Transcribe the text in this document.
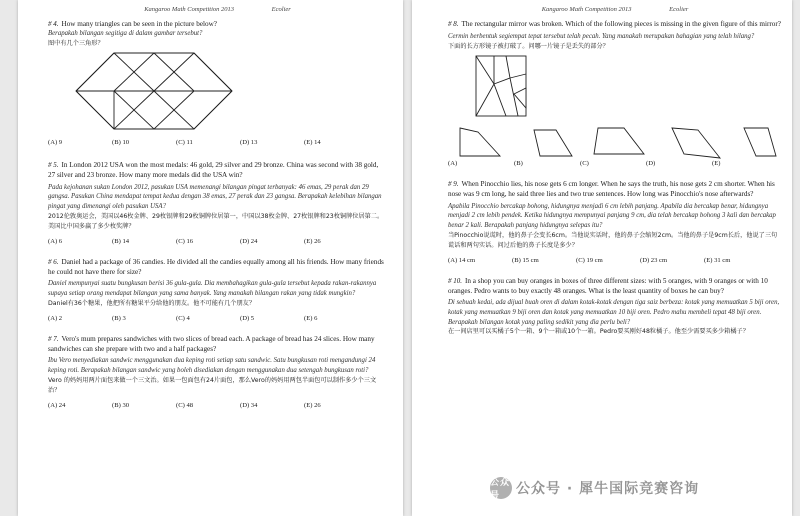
Kangaroo Math Competition 2013	Ecolier
# 4. How many triangles can be seen in the picture below?
Berapakah bilangan segitiga di dalam gambar tersebut?
图中有几个三角形？
(A) 9	(B) 10	(C) 11	(D) 13	(E) 14
# 5. In London 2012 USA won the most medals: 46 gold, 29 silver and 29 bronze. China was second with 38 gold, 27 silver and 23 bronze. How many more medals did the USA win?
Pada kejohanan sukan London 2012, pasukan USA memenangi bilangan pingat terbanyak: 46 emas, 29 perak dan 29 gangsa. Pasukan China mendapat tempat kedua dengan 38 emas, 27 perak dan 23 gangsa. Berapakah kelebihan bilangan pingat yang dimenangi oleh pasukan USA?
2012伦敦奥运会，美国以46枚金牌、29枚银牌和29枚铜牌位居第一，中国以38枚金牌、27枚银牌和23枚铜牌位居第二。美国比中国多赢了多少枚奖牌？
(A) 6	(B) 14	(C) 16	(D) 24	(E) 26
# 6. Daniel had a package of 36 candies. He divided all the candies equally among all his friends. How many friends he could not have there for size?
Daniel mempunyai suatu bungkusan berisi 36 gula-gula. Dia membahagikan gula-gula tersebut kepada rakan-rakannya supaya setiap orang mendapat bilangan yang sama banyak. Yang manakah bilangan rakan yang tidak mungkin?
Daniel有36个糖果，他把所有糖果平分给他的朋友。他不可能有几个朋友？
(A) 2	(B) 3	(C) 4	(D) 5	(E) 6
# 7. Vero's mum prepares sandwiches with two slices of bread each. A package of bread has 24 slices. How many sandwiches can she prepare with two and a half packages?
Ibu Vero menyediakan sandwic menggunakan dua keping roti setiap satu sandwic. Satu bungkusan roti mengandungi 24 keping roti. Berapakah bilangan sandwic yang boleh disediakan dengan menggunakan dua setengah bungkusan roti?
Vero 的妈妈用两片面包来做一个三文治。如果一包面包有24片面包，那么Vero的妈妈用两包半面包可以制作多少个三文治？
(A) 24	(B) 30	(C) 48	(D) 34	(E) 26
Kangaroo Math Competition 2013	Ecolier
# 8. The rectangular mirror was broken. Which of the following pieces is missing in the given figure of this mirror?
Cermin berbentuk segiempat tepat tersebut telah pecah. Yang manakah merupakan bahagian yang telah hilang?
下面的长方形镜子被打破了。问哪一片镜子是丢失的部分？
(A)	(B)	(C)	(D)	(E)
# 9. When Pinocchio lies, his nose gets 6 cm longer. When he says the truth, his nose gets 2 cm shorter. When his nose was 9 cm long, he said three lies and two true sentences. How long was Pinocchio's nose afterwards?
Apabila Pinocchio bercakap bohong, hidungnya menjadi 6 cm lebih panjang. Apabila dia bercakap benar, hidungnya menjadi 2 cm lebih pendek. Ketika hidungnya mempunyai panjang 9 cm, dia telah bercakap bohong 3 kali dan bercakap benar 2 kali. Berapakah panjang hidungnya selepas itu?
当Pinocchio说谎时，他的鼻子会变长6cm。当他说实话时，他的鼻子会缩短2cm。当他的鼻子是9cm长后，他说了三句谎话和两句实话。问过后他的鼻子长度是多少？
(A) 14 cm	(B) 15 cm	(C) 19 cm	(D) 23 cm	(E) 31 cm
# 10. In a shop you can buy oranges in boxes of three different sizes: with 5 oranges, with 9 oranges or with 10 oranges. Pedro wants to buy exactly 48 oranges. What is the least quantity of boxes he can buy?
Di sebuah kedai, ada dijual buah oren di dalam kotak-kotak dengan tiga saiz berbeza: kotak yang memuatkan 5 biji oren, kotak yang memuatkan 9 biji oren dan kotak yang memuatkan 10 biji oren. Pedro mahu membeli tepat 48 biji oren. Berapakah bilangan kotak yang paling sedikit yang dia perlu beli?
在一间店里可以买橘子5个一箱、9个一箱或10个一箱。Pedro要买刚好48粒橘子。他至少需要买多少箱橘子？
公众号	公众号 · 犀牛国际竞赛咨询
